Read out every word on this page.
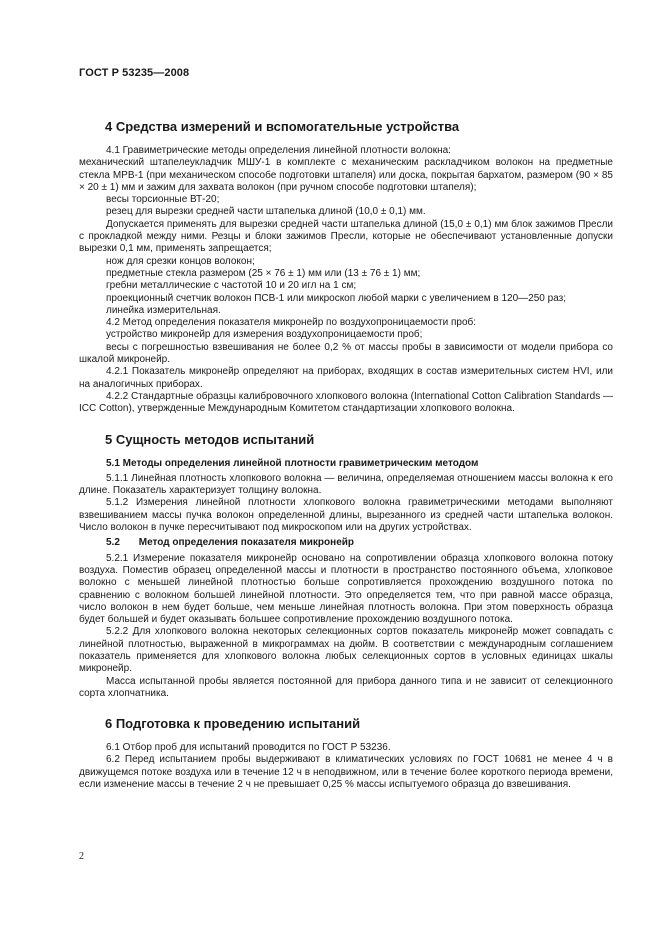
ГОСТ Р 53235—2008
4 Средства измерений и вспомогательные устройства

4.1 Гравиметрические методы определения линейной плотности волокна:

механический штапелеукладчик МШУ-1 в комплекте с механическим раскладчиком волокон на предметные стекла МРВ-1 (при механическом способе подготовки штапеля) или доска, покрытая бархатом, размером (90 × 85 × 20 ± 1) мм и зажим для захвата волокон (при ручном способе подготовки штапеля);

весы торсионные ВТ-20;

резец для вырезки средней части штапелька длиной (10,0 ± 0,1) мм.

Допускается применять для вырезки средней части штапелька длиной (15,0 ± 0,1) мм блок зажимов Пресли с прокладкой между ними. Резцы и блоки зажимов Пресли, которые не обеспечивают установленные допуски вырезки 0,1 мм, применять запрещается;

нож для срезки концов волокон;

предметные стекла размером (25 × 76 ± 1) мм или (13 ± 76 ± 1) мм;

гребни металлические с частотой 10 и 20 игл на 1 см;

проекционный счетчик волокон ПСВ-1 или микроскоп любой марки с увеличением в 120—250 раз;

линейка измерительная.

4.2 Метод определения показателя микронейр по воздухопроницаемости проб:

устройство микронейр для измерения воздухопроницаемости проб;

весы с погрешностью взвешивания не более 0,2 % от массы пробы в зависимости от модели прибора со шкалой микронейр.

4.2.1 Показатель микронейр определяют на приборах, входящих в состав измерительных систем HVI, или на аналогичных приборах.

4.2.2 Стандартные образцы калибровочного хлопкового волокна (International Cotton Calibration Standards — ICC Cotton), утвержденные Международным Комитетом стандартизации хлопкового волокна.

5 Сущность методов испытаний
5.1 Методы определения линейной плотности гравиметрическим методом

5.1.1 Линейная плотность хлопкового волокна — величина, определяемая отношением массы волокна к его длине. Показатель характеризует толщину волокна.

5.1.2 Измерения линейной плотности хлопкового волокна гравиметрическими методами выполняют взвешиванием массы пучка волокон определенной длины, вырезанного из средней части штапелька волокон. Число волокон в пучке пересчитывают под микроскопом или на других устройствах.

5.2 Метод определения показателя микронейр

5.2.1 Измерение показателя микронейр основано на сопротивлении образца хлопкового волокна потоку воздуха. Поместив образец определенной массы и плотности в пространство постоянного объема, хлопковое волокно с меньшей линейной плотностью больше сопротивляется прохождению воздушного потока по сравнению с волокном большей линейной плотности. Это определяется тем, что при равной массе образца, число волокон в нем будет больше, чем меньше линейная плотность волокна. При этом поверхность образца будет большей и будет оказывать большее сопротивление прохождению воздушного потока.

5.2.2 Для хлопкового волокна некоторых селекционных сортов показатель микронейр может совпадать с линейной плотностью, выраженной в микрограммах на дюйм. В соответствии с международным соглашением показатель применяется для хлопкового волокна любых селекционных сортов в условных единицах шкалы микронейр.

Масса испытанной пробы является постоянной для прибора данного типа и не зависит от селекционного сорта хлопчатника.

6 Подготовка к проведению испытаний

6.1 Отбор проб для испытаний проводится по ГОСТ Р 53236.

6.2 Перед испытанием пробы выдерживают в климатических условиях по ГОСТ 10681 не менее 4 ч в движущемся потоке воздуха или в течение 12 ч в неподвижном, или в течение более короткого периода времени, если изменение массы в течение 2 ч не превышает 0,25 % массы испытуемого образца до взвешивания.

2
